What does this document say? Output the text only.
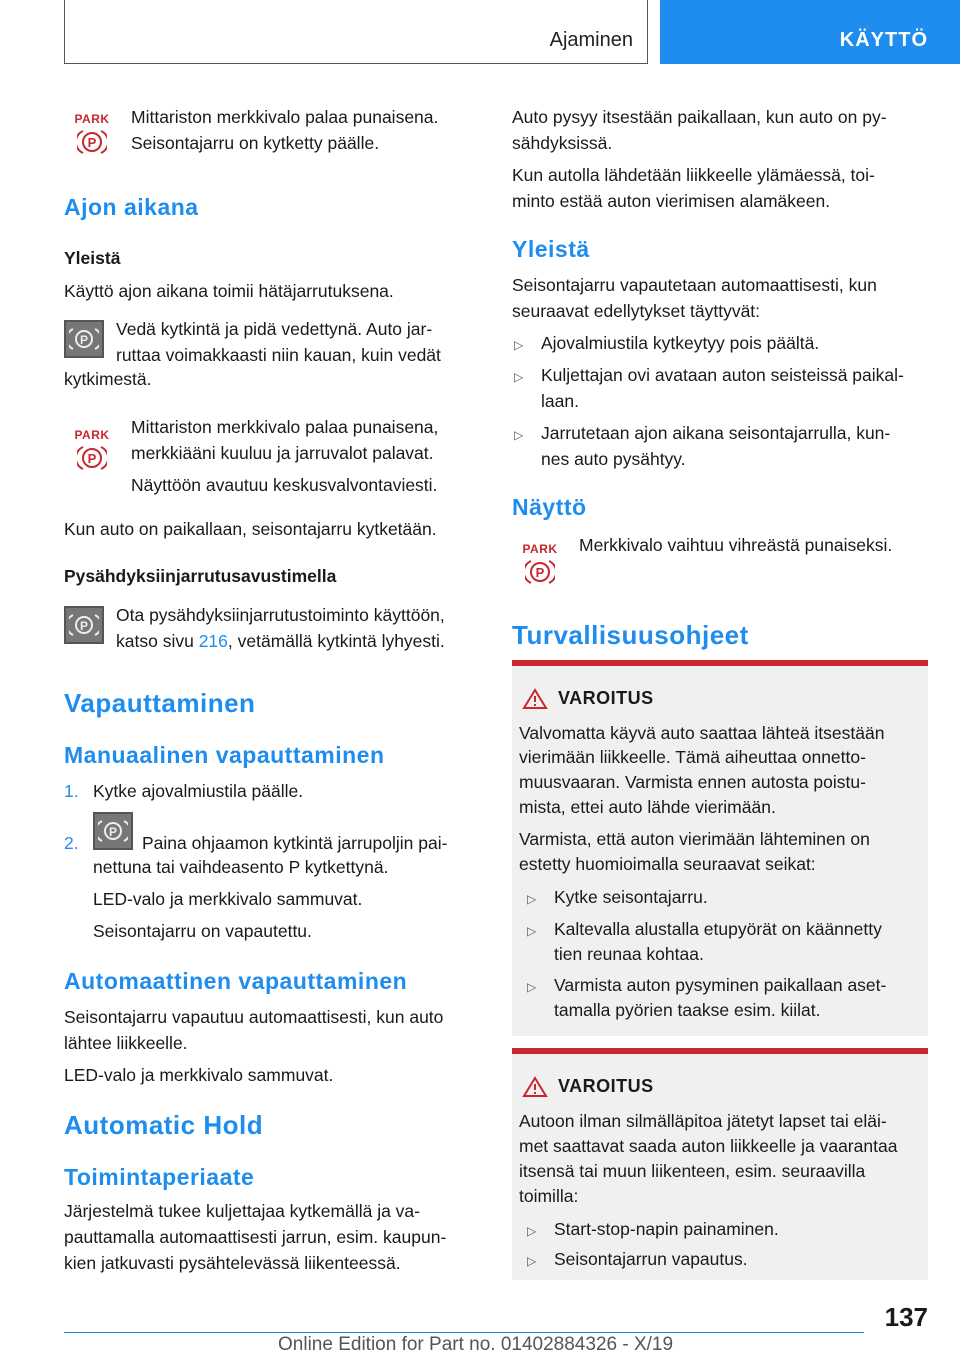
Ajaminen	KÄYTTÖ
PARK
P
Mittariston merkkivalo palaa punaisena.
Seisontajarru on kytketty päälle.
Ajon aikana
Yleistä
Käyttö ajon aikana toimii hätäjarrutuksena.
P
Vedä kytkintä ja pidä vedettynä. Auto jar-
ruttaa voimakkaasti niin kauan, kuin vedät
kytkimestä.
PARK
P
Mittariston merkkivalo palaa punaisena,
merkkiääni kuuluu ja jarruvalot palavat.
Näyttöön avautuu keskusvalvontaviesti.
Kun auto on paikallaan, seisontajarru kytketään.
Pysähdyksiinjarrutusavustimella
P
Ota pysähdyksiinjarrutustoiminto käyttöön,
katso sivu 216, vetämällä kytkintä lyhyesti.
Vapauttaminen
Manuaalinen vapauttaminen
1. Kytke ajovalmiustila päälle.
2.
P
Paina ohjaamon kytkintä jarrupoljin pai-
nettuna tai vaihdeasento P kytkettynä.
LED-valo ja merkkivalo sammuvat.
Seisontajarru on vapautettu.
Automaattinen vapauttaminen
Seisontajarru vapautuu automaattisesti, kun auto
lähtee liikkeelle.
LED-valo ja merkkivalo sammuvat.
Automatic Hold
Toimintaperiaate
Järjestelmä tukee kuljettajaa kytkemällä ja va-
pauttamalla automaattisesti jarrun, esim. kaupun-
kien jatkuvasti pysähtelevässä liikenteessä.
Auto pysyy itsestään paikallaan, kun auto on py-
sähdyksissä.
Kun autolla lähdetään liikkeelle ylämäessä, toi-
minto estää auton vierimisen alamäkeen.
Yleistä
Seisontajarru vapautetaan automaattisesti, kun
seuraavat edellytykset täyttyvät:
▷ Ajovalmiustila kytkeytyy pois päältä.
▷ Kuljettajan ovi avataan auton seisteissä paikal-
laan.
▷ Jarrutetaan ajon aikana seisontajarrulla, kun-
nes auto pysähtyy.
Näyttö
PARK
P
Merkkivalo vaihtuu vihreästä punaiseksi.
Turvallisuusohjeet
VAROITUS
Valvomatta käyvä auto saattaa lähteä itsestään
vierimään liikkeelle. Tämä aiheuttaa onnetto-
muusvaaran. Varmista ennen autosta poistu-
mista, ettei auto lähde vierimään.
Varmista, että auton vierimään lähteminen on
estetty huomioimalla seuraavat seikat:
▷ Kytke seisontajarru.
▷ Kaltevalla alustalla etupyörät on käännetty
tien reunaa kohtaa.
▷ Varmista auton pysyminen paikallaan aset-
tamalla pyörien taakse esim. kiilat.
VAROITUS
Autoon ilman silmälläpitoa jätetyt lapset tai eläi-
met saattavat saada auton liikkeelle ja vaarantaa
itsensä tai muun liikenteen, esim. seuraavilla
toimilla:
▷ Start-stop-napin painaminen.
▷ Seisontajarrun vapautus.
137
Online Edition for Part no. 01402884326 - X/19
